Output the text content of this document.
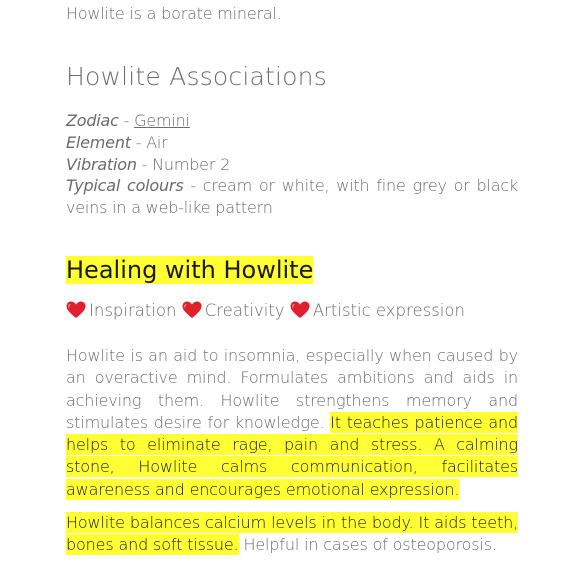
Howlite is a borate mineral.
Howlite Associations
Zodiac - Gemini
Element - Air
Vibration - Number 2
Typical colours - cream or white, with fine grey or black veins in a web-like pattern
Healing with Howlite
Inspiration Creativity Artistic expression

Howlite is an aid to insomnia, especially when caused by an overactive mind. Formulates ambitions and aids in achieving them. Howlite strengthens memory and stimulates desire for knowledge. It teaches patience and helps to eliminate rage, pain and stress. A calming stone, Howlite calms communication, facilitates awareness and encourages emotional expression.

Howlite balances calcium levels in the body. It aids teeth, bones and soft tissue. Helpful in cases of osteoporosis.
